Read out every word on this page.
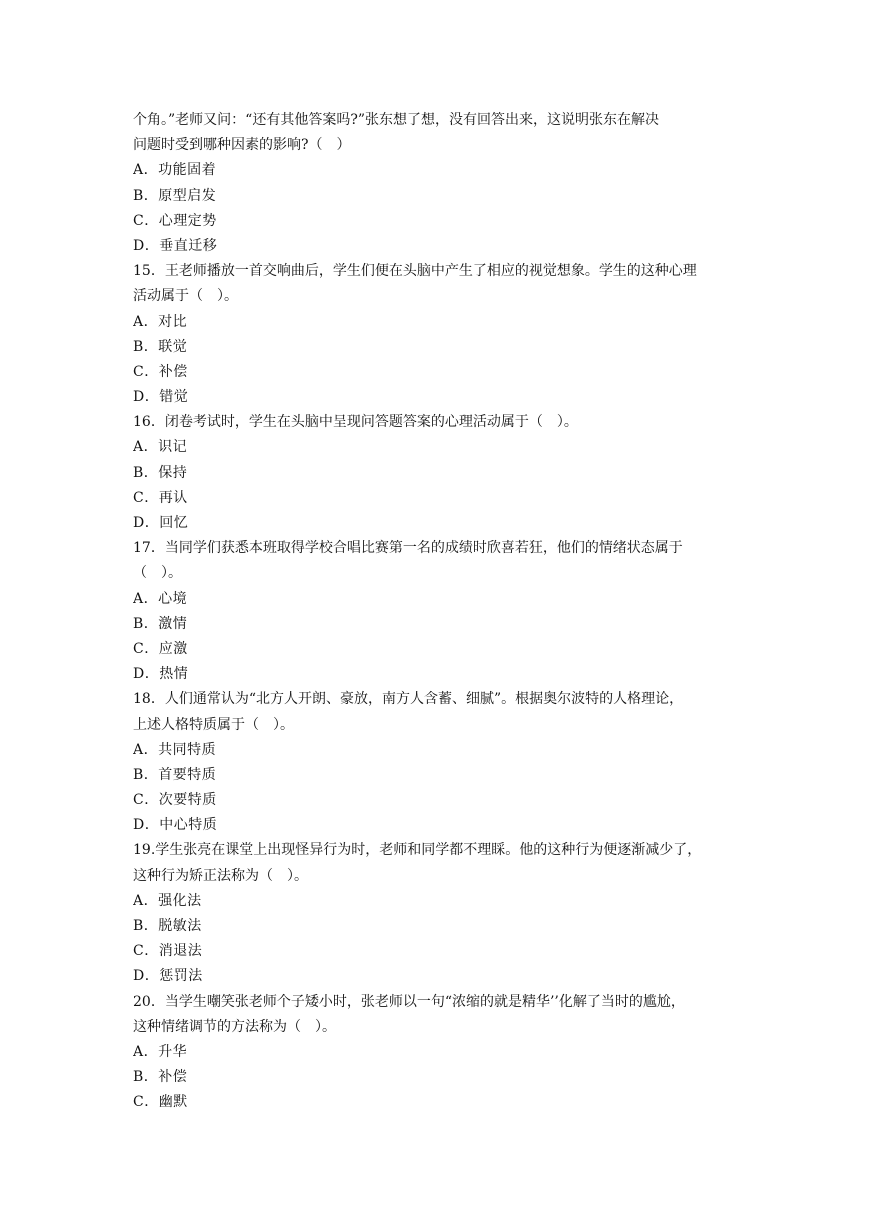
个角。”老师又问：“还有其他答案吗?”张东想了想，没有回答出来，这说明张东在解决
问题时受到哪种因素的影响?（　）
A．功能固着
B．原型启发
C．心理定势
D．垂直迁移
15．王老师播放一首交响曲后，学生们便在头脑中产生了相应的视觉想象。学生的这种心理
活动属于（　）。
A．对比
B．联觉
C．补偿
D．错觉
16．闭卷考试时，学生在头脑中呈现问答题答案的心理活动属于（　）。
A．识记
B．保持
C．再认
D．回忆
17．当同学们获悉本班取得学校合唱比赛第一名的成绩时欣喜若狂，他们的情绪状态属于
（　）。
A．心境
B．激情
C．应激
D．热情
18．人们通常认为“北方人开朗、豪放，南方人含蓄、细腻”。根据奥尔波特的人格理论，
上述人格特质属于（　）。
A．共同特质
B．首要特质
C．次要特质
D．中心特质
19.学生张亮在课堂上出现怪异行为时，老师和同学都不理睬。他的这种行为便逐渐减少了，
这种行为矫正法称为（　）。
A．强化法
B．脱敏法
C．消退法
D．惩罚法
20．当学生嘲笑张老师个子矮小时，张老师以一句“浓缩的就是精华’’化解了当时的尴尬，
这种情绪调节的方法称为（　）。
A．升华
B．补偿
C．幽默
